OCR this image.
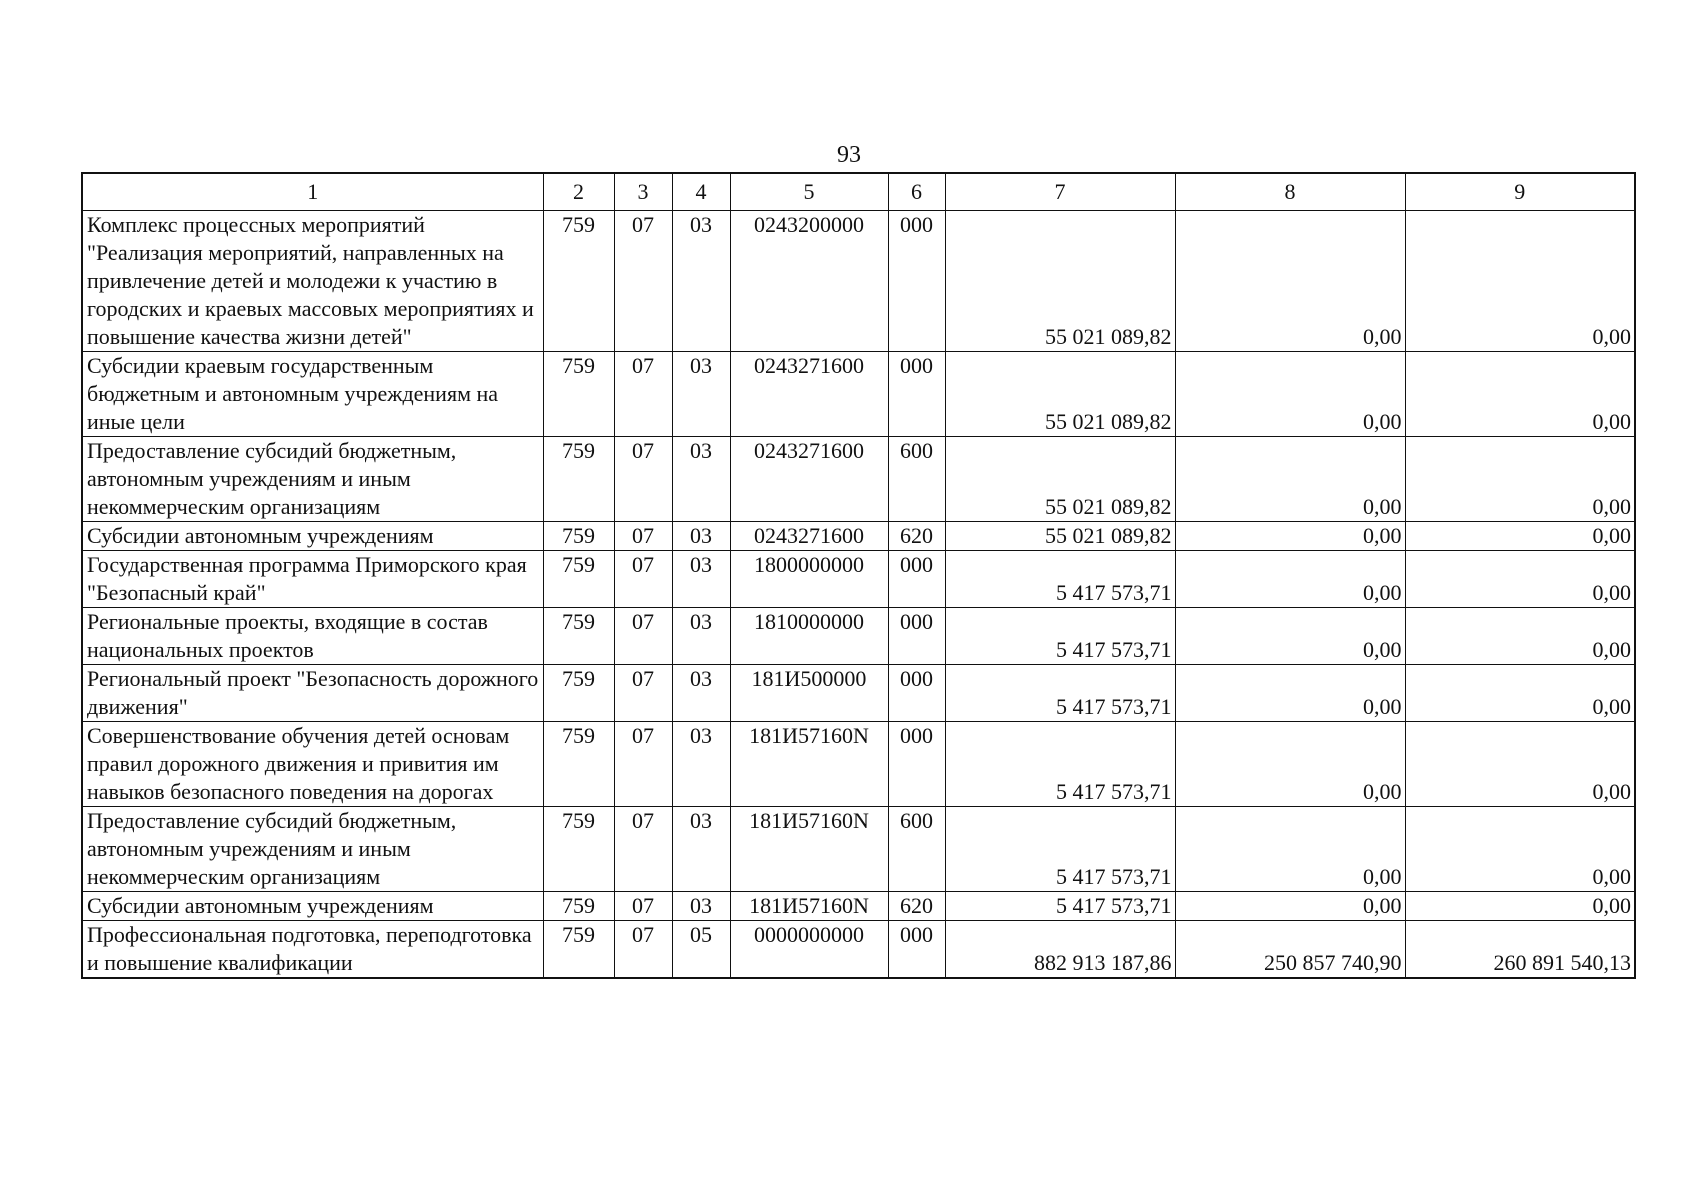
93
1	2	3	4	5	6	7	8	9
Комплекс процессных мероприятий "Реализация мероприятий, направленных на привлечение детей и молодежи к участию в городских и краевых массовых мероприятиях и повышение качества жизни детей"	759	07	03	0243200000	000	55 021 089,82	0,00	0,00
Субсидии краевым государственным бюджетным и автономным учреждениям на иные цели	759	07	03	0243271600	000	55 021 089,82	0,00	0,00
Предоставление субсидий бюджетным, автономным учреждениям и иным некоммерческим организациям	759	07	03	0243271600	600	55 021 089,82	0,00	0,00
Субсидии автономным учреждениям	759	07	03	0243271600	620	55 021 089,82	0,00	0,00
Государственная программа Приморского края "Безопасный край"	759	07	03	1800000000	000	5 417 573,71	0,00	0,00
Региональные проекты, входящие в состав национальных проектов	759	07	03	1810000000	000	5 417 573,71	0,00	0,00
Региональный проект "Безопасность дорожного движения"	759	07	03	181И500000	000	5 417 573,71	0,00	0,00
Совершенствование обучения детей основам правил дорожного движения и привития им навыков безопасного поведения на дорогах	759	07	03	181И57160N	000	5 417 573,71	0,00	0,00
Предоставление субсидий бюджетным, автономным учреждениям и иным некоммерческим организациям	759	07	03	181И57160N	600	5 417 573,71	0,00	0,00
Субсидии автономным учреждениям	759	07	03	181И57160N	620	5 417 573,71	0,00	0,00
Профессиональная подготовка, переподготовка и повышение квалификации	759	07	05	0000000000	000	882 913 187,86	250 857 740,90	260 891 540,13
